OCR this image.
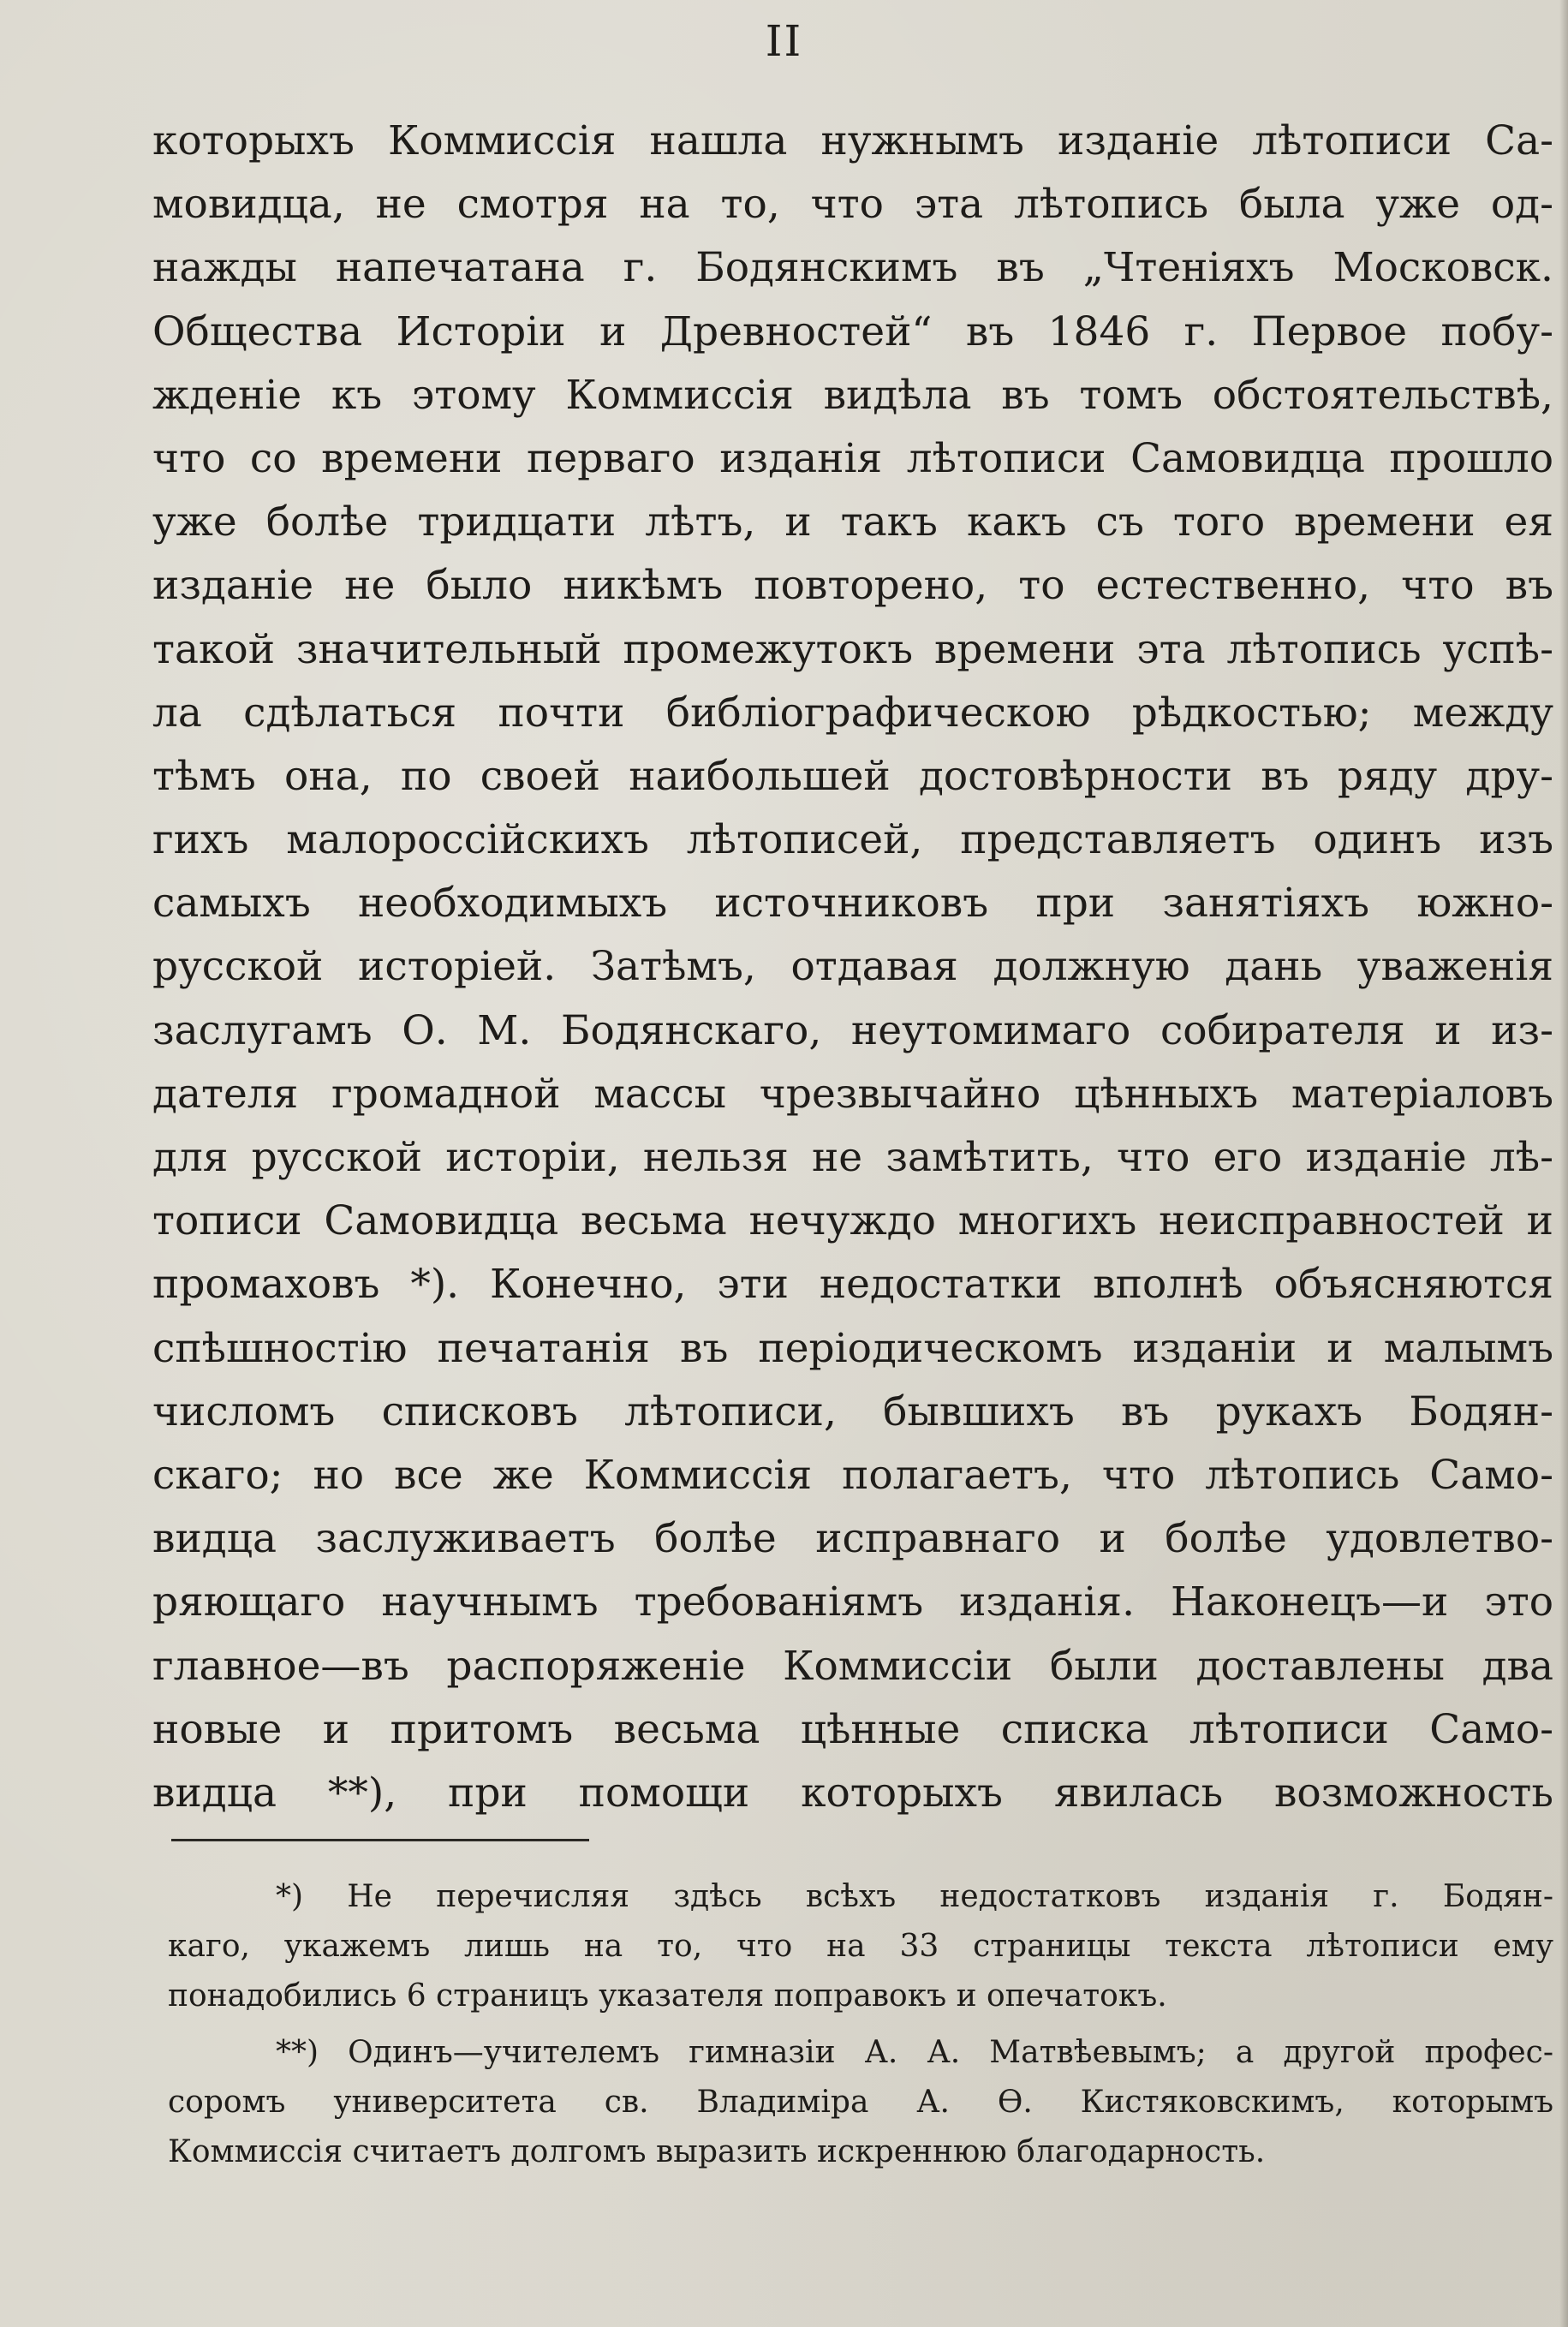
II
которыхъ Коммиссія нашла нужнымъ изданіе лѣтописи Са-
мовидца, не смотря на то, что эта лѣтопись была уже од-
нажды напечатана г. Бодянскимъ въ „Чтеніяхъ Московск.
Общества Исторіи и Древностей“ въ 1846 г. Первое побу-
жденіе къ этому Коммиссія видѣла въ томъ обстоятельствѣ,
что со времени перваго изданія лѣтописи Самовидца прошло
уже болѣе тридцати лѣтъ, и такъ какъ съ того времени ея
изданіе не было никѣмъ повторено, то естественно, что въ
такой значительный промежутокъ времени эта лѣтопись успѣ-
ла сдѣлаться почти библіографическою рѣдкостью; между
тѣмъ она, по своей наибольшей достовѣрности въ ряду дру-
гихъ малороссійскихъ лѣтописей, представляетъ одинъ изъ
самыхъ необходимыхъ источниковъ при занятіяхъ южно-
русской исторіей. Затѣмъ, отдавая должную дань уваженія
заслугамъ О. М. Бодянскаго, неутомимаго собирателя и из-
дателя громадной массы чрезвычайно цѣнныхъ матеріаловъ
для русской исторіи, нельзя не замѣтить, что его изданіе лѣ-
тописи Самовидца весьма нечуждо многихъ неисправностей и
промаховъ *). Конечно, эти недостатки вполнѣ объясняются
спѣшностію печатанія въ періодическомъ изданіи и малымъ
числомъ списковъ лѣтописи, бывшихъ въ рукахъ Бодян-
скаго; но все же Коммиссія полагаетъ, что лѣтопись Само-
видца заслуживаетъ болѣе исправнаго и болѣе удовлетво-
ряющаго научнымъ требованіямъ изданія. Наконецъ—и это
главное—въ распоряженіе Коммиссіи были доставлены два
новые и притомъ весьма цѣнные списка лѣтописи Само-
видца **), при помощи которыхъ явилась возможность
*) Не перечисляя здѣсь всѣхъ недостатковъ изданія г. Бодян-
каго, укажемъ лишь на то, что на 33 страницы текста лѣтописи ему
понадобились 6 страницъ указателя поправокъ и опечатокъ.
**) Одинъ—учителемъ гимназіи А. А. Матвѣевымъ; а другой профес-
соромъ университета св. Владиміра А. Ѳ. Кистяковскимъ, которымъ
Коммиссія считаетъ долгомъ выразить искреннюю благодарность.
